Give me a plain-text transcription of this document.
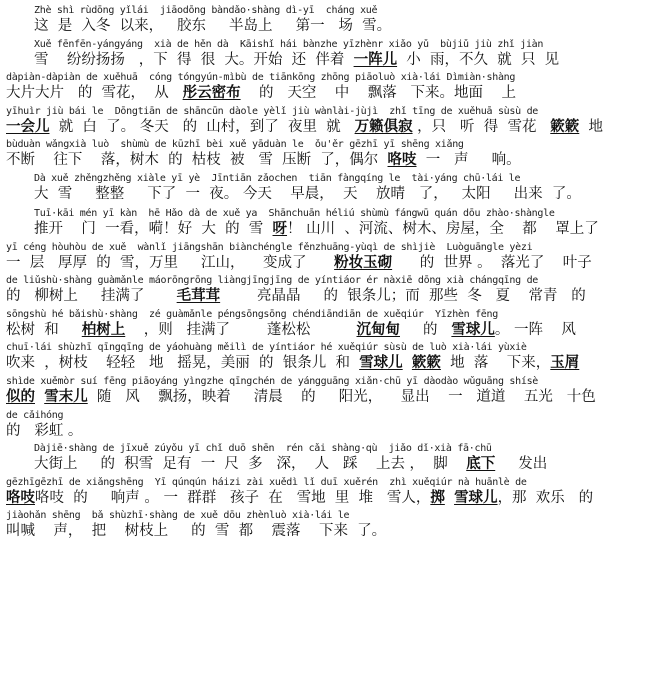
Zhè shì rùdōng yǐlái  jiāodōng bàndǎo·shàng dì-yī  cháng xuě
这  是  入冬  以来，   胶东     半岛上     第一   场  雪。
Xuě fēnfēn-yángyáng  xià de hěn dà  Kāishǐ hái bànzhe yīzhènr xiǎo yǔ  bùjiǔ jiù zhǐ jiàn
雪    纷纷扬扬   ，下  得  很  大。开始  还  伴着  一阵儿  小  雨，不久  就  只  见
dàpiàn-dàpiàn de xuěhuā  cóng tóngyún-mìbù de tiānkōng zhōng piāoluò xià·lái Dìmiàn·shàng
大片大片   的  雪花，  从   彤云密布    的   天空    中    飘落   下来。地面    上
yīhuìr jiù bái le  Dōngtiān de shāncūn dàole yèlǐ jiù wànlài-jùjì  zhǐ tīng de xuěhuā sùsù de
一会儿  就  白  了。 冬天   的  山村，到了  夜里  就   万籁俱寂 ，只   听  得  雪花   簌簌  地
bùduàn wǎngxià luò  shùmù de kūzhī bèi xuě yāduàn le  ǒu'ěr gēzhī yī shēng xiǎng
不断    往下    落，树木  的  枯枝  被   雪  压断  了，偶尔  咯吱  一   声     响。
Dà xuě zhěngzhěng xiàle yī yè  Jīntiān zǎochen  tiān fàngqíng le  tài·yáng chū·lái le
大  雪     整整     下了  一  夜。 今天    早晨，  天    放晴   了，   太阳     出来  了。
Tuī·kāi mén yī kàn  hē Hǎo dà de xuě ya  Shānchuān héliú shùmù fángwū quán dōu zhào·shàngle
推开    门  一看，嗬！好  大  的  雪  呀！ 山川  、河流、树木、房屋，全    都    罩上了
yī céng hòuhòu de xuě  wànlǐ jiāngshān biànchéngle fěnzhuāng-yùqì de shìjiè  Luòguāngle yèzi
一  层   厚厚  的  雪，万里     江山，    变成了      粉妆玉砌      的  世界 。  落光了    叶子
de liǔshù·shàng guàmǎnle máorōngrōng liàngjīngjīng de yíntiáor ér nàxiē dōng xià chángqīng de
的   柳树上     挂满了       毛茸茸        亮晶晶     的  银条儿；而  那些  冬   夏    常青   的
sōngshù hé bǎishù·shàng  zé guàmǎnle péngsōngsōng chéndiāndiān de xuěqiúr  Yīzhèn fēng
松树  和     柏树上    ，则   挂满了        蓬松松          沉甸甸     的   雪球儿。 一阵    风
chuī·lái shùzhī qīngqīng de yáohuàng měilì de yíntiáor hé xuěqiúr sùsù de luò xià·lái yùxiè
吹来  ，树枝    轻轻   地   摇晃，美丽  的  银条儿  和  雪球儿 簌簌  地  落    下来，玉屑
shìde xuěmòr suí fēng piāoyáng yìngzhe qīngchén de yángguāng xiǎn·chū yī dàodào wǔguāng shísè
似的 雪末儿  随   风    飘扬，映着     清晨    的     阳光，    显出    一   道道    五光   十色
de cǎihóng
的   彩虹 。
Dàjiē·shàng de jīxuě zúyǒu yī chǐ duō shēn  rén cǎi shàng·qù  jiǎo dǐ·xià fā·chū
大街上     的  积雪  足有  一  尺  多   深，  人   踩    上去 ，  脚    底下     发出
gēzhīgēzhī de xiǎngshēng  Yī qúnqún háizi zài xuědì lǐ duī xuěrén  zhì xuěqiúr nà huānlè de
咯吱咯吱  的     响声 。 一  群群   孩子  在   雪地  里  堆   雪人，掷 雪球儿，那  欢乐   的
jiàohǎn shēng  bǎ shùzhī·shàng de xuě dōu zhènluò xià·lái le
叫喊    声，  把    树枝上     的  雪  都    震落    下来  了。
